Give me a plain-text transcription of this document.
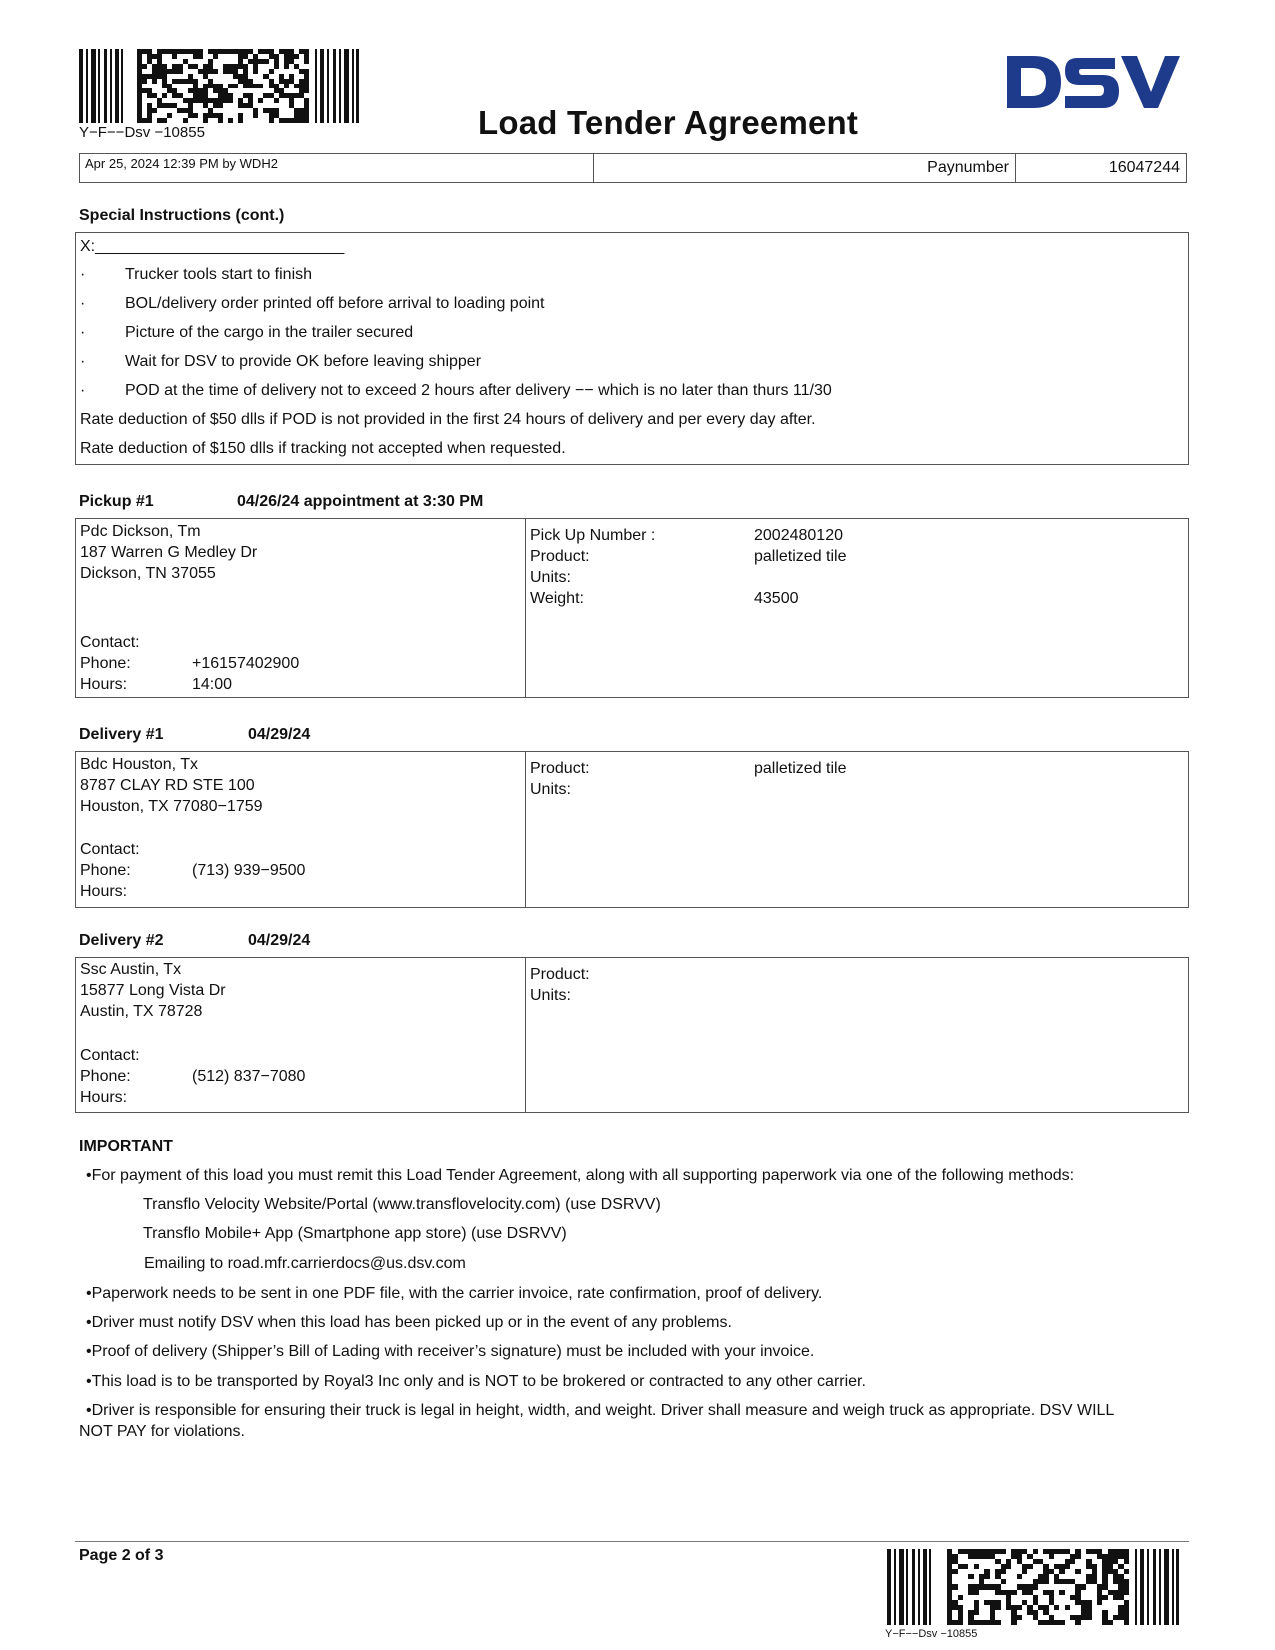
Y−F−−Dsv −10855	Load Tender Agreement
Apr 25, 2024 12:39 PM by WDH2	Paynumber	16047244
Special Instructions (cont.)
X:____________________________
· Trucker tools start to finish
· BOL/delivery order printed off before arrival to loading point
· Picture of the cargo in the trailer secured
· Wait for DSV to provide OK before leaving shipper
· POD at the time of delivery not to exceed 2 hours after delivery −− which is no later than thurs 11/30
Rate deduction of $50 dlls if POD is not provided in the first 24 hours of delivery and per every day after.
Rate deduction of $150 dlls if tracking not accepted when requested.
Pickup #1	04/26/24 appointment at 3:30 PM
Pdc Dickson, Tm
187 Warren G Medley Dr
Dickson, TN 37055
Contact:
Phone:	+16157402900
Hours:	14:00
Pick Up Number :	2002480120
Product:	palletized tile
Units:
Weight:	43500
Delivery #1	04/29/24
Bdc Houston, Tx
8787 CLAY RD STE 100
Houston, TX 77080−1759
Contact:
Phone:	(713) 939−9500
Hours:
Product:	palletized tile
Units:
Delivery #2	04/29/24
Ssc Austin, Tx
15877 Long Vista Dr
Austin, TX 78728
Contact:
Phone:	(512) 837−7080
Hours:
Product:
Units:
IMPORTANT
•For payment of this load you must remit this Load Tender Agreement, along with all supporting paperwork via one of the following methods:
Transflo Velocity Website/Portal (www.transflovelocity.com) (use DSRVV)
Transflo Mobile+ App (Smartphone app store) (use DSRVV)
Emailing to road.mfr.carrierdocs@us.dsv.com
•Paperwork needs to be sent in one PDF file, with the carrier invoice, rate confirmation, proof of delivery.
•Driver must notify DSV when this load has been picked up or in the event of any problems.
•Proof of delivery (Shipper’s Bill of Lading with receiver’s signature) must be included with your invoice.
•This load is to be transported by Royal3 Inc only and is NOT to be brokered or contracted to any other carrier.
•Driver is responsible for ensuring their truck is legal in height, width, and weight. Driver shall measure and weigh truck as appropriate. DSV WILL
NOT PAY for violations.
Page 2 of 3
Y−F−−Dsv −10855
